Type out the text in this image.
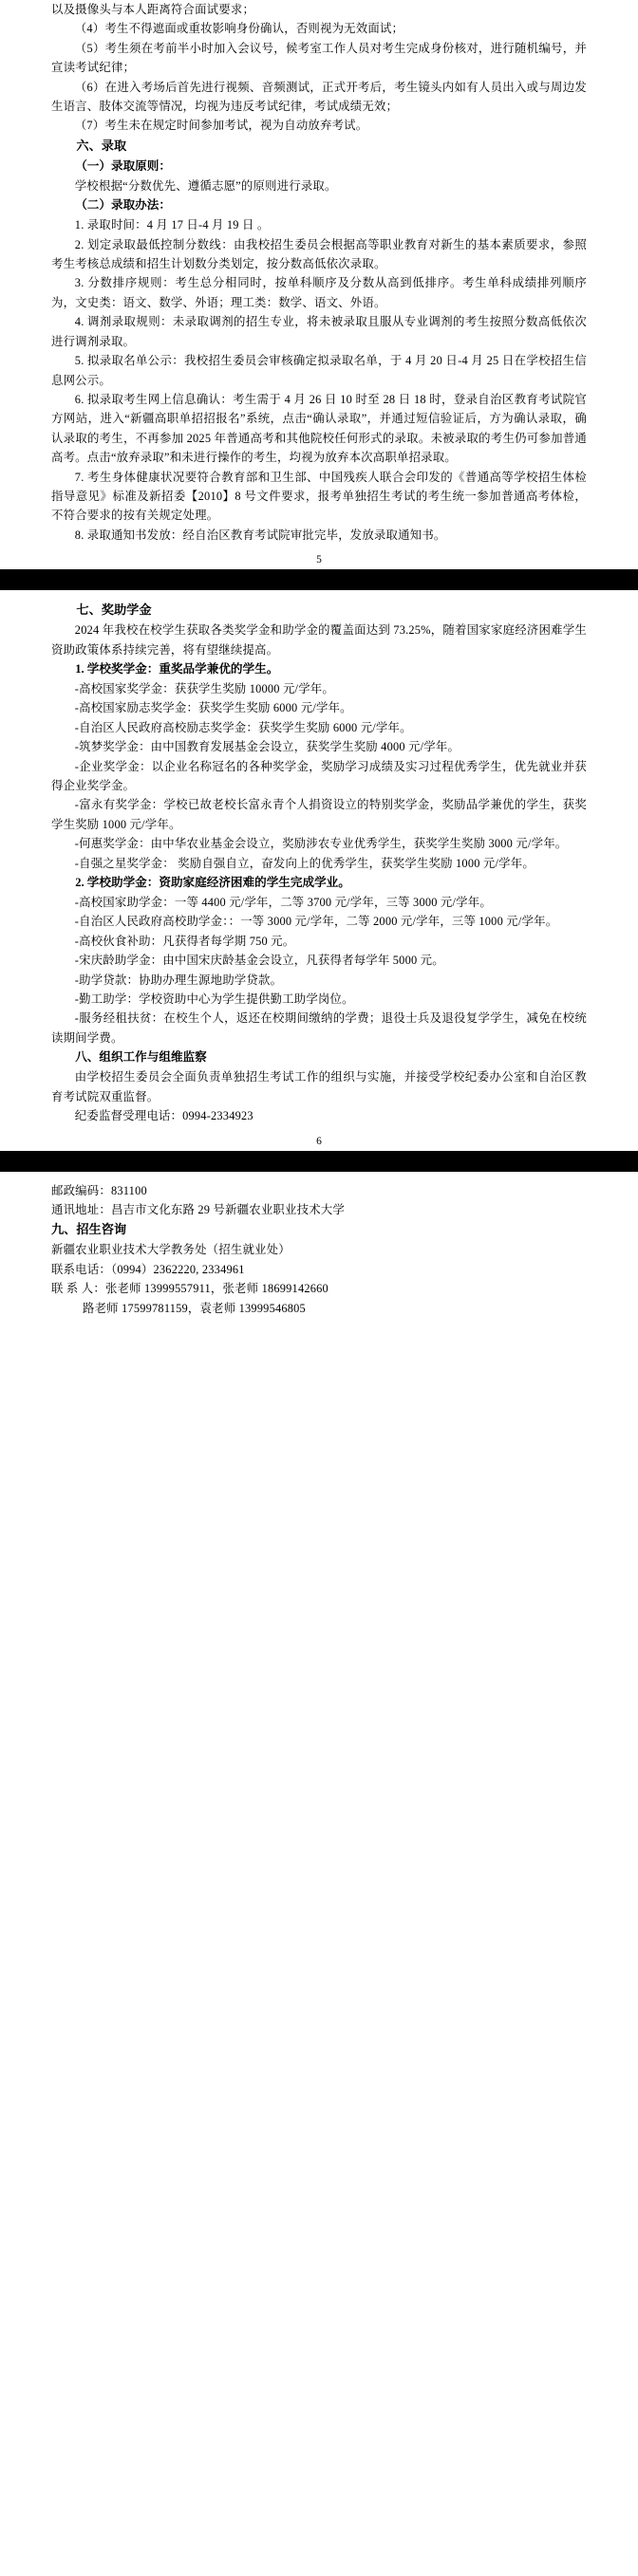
以及摄像头与本人距离符合面试要求；

（4）考生不得遮面或重妆影响身份确认，否则视为无效面试；

（5）考生须在考前半小时加入会议号，候考室工作人员对考生完成身份核对，进行随机编号，并宣读考试纪律；

（6）在进入考场后首先进行视频、音频测试，正式开考后，考生镜头内如有人员出入或与周边发生语言、肢体交流等情况，均视为违反考试纪律，考试成绩无效；

（7）考生未在规定时间参加考试，视为自动放弃考试。

六、录取

（一）录取原则：

学校根据“分数优先、遵循志愿”的原则进行录取。

（二）录取办法：

1. 录取时间：4 月 17 日-4 月 19 日 。

2. 划定录取最低控制分数线：由我校招生委员会根据高等职业教育对新生的基本素质要求，参照考生考核总成绩和招生计划数分类划定，按分数高低依次录取。

3. 分数排序规则：考生总分相同时，按单科顺序及分数从高到低排序。考生单科成绩排列顺序为，文史类：语文、数学、外语；理工类：数学、语文、外语。

4. 调剂录取规则：未录取调剂的招生专业，将未被录取且服从专业调剂的考生按照分数高低依次进行调剂录取。

5. 拟录取名单公示：我校招生委员会审核确定拟录取名单，于 4 月 20 日-4 月 25 日在学校招生信息网公示。

6. 拟录取考生网上信息确认：考生需于 4 月 26 日 10 时至 28 日 18 时，登录自治区教育考试院官方网站，进入“新疆高职单招招报名”系统，点击“确认录取”，并通过短信验证后，方为确认录取，确认录取的考生，不再参加 2025 年普通高考和其他院校任何形式的录取。未被录取的考生仍可参加普通高考。点击“放弃录取”和未进行操作的考生，均视为放弃本次高职单招录取。

7. 考生身体健康状况要符合教育部和卫生部、中国残疾人联合会印发的《普通高等学校招生体检指导意见》标准及新招委【2010】8 号文件要求，报考单独招生考试的考生统一参加普通高考体检，不符合要求的按有关规定处理。

8. 录取通知书发放：经自治区教育考试院审批完毕，发放录取通知书。

5

七、奖助学金

2024 年我校在校学生获取各类奖学金和助学金的覆盖面达到 73.25%，随着国家家庭经济困难学生资助政策体系持续完善，将有望继续提高。

1. 学校奖学金：重奖品学兼优的学生。

-高校国家奖学金：获获学生奖励 10000 元/学年。

-高校国家励志奖学金：获奖学生奖励 6000 元/学年。

-自治区人民政府高校励志奖学金：获奖学生奖励 6000 元/学年。

-筑梦奖学金：由中国教育发展基金会设立，获奖学生奖励 4000 元/学年。

-企业奖学金：以企业名称冠名的各种奖学金，奖励学习成绩及实习过程优秀学生，优先就业并获得企业奖学金。

-富永有奖学金：学校已故老校长富永青个人捐资设立的特别奖学金，奖励品学兼优的学生，获奖学生奖励 1000 元/学年。

-何惠奖学金：由中华农业基金会设立，奖励涉农专业优秀学生，获奖学生奖励 3000 元/学年。

-自强之星奖学金： 奖励自强自立，奋发向上的优秀学生，获奖学生奖励 1000 元/学年。

2. 学校助学金：资助家庭经济困难的学生完成学业。

-高校国家助学金：一等 4400 元/学年，二等 3700 元/学年，三等 3000 元/学年。

-自治区人民政府高校助学金：：一等 3000 元/学年，二等 2000 元/学年，三等 1000 元/学年。

-高校伙食补助：凡获得者每学期 750 元。

-宋庆龄助学金：由中国宋庆龄基金会设立，凡获得者每学年 5000 元。

-助学贷款：协助办理生源地助学贷款。

-勤工助学：学校资助中心为学生提供勤工助学岗位。

-服务经租扶贫：在校生个人，返还在校期间缴纳的学费；退役士兵及退役复学学生，减免在校统读期间学费。

八、组织工作与组维监察

由学校招生委员会全面负责单独招生考试工作的组织与实施，并接受学校纪委办公室和自治区教育考试院双重监督。

纪委监督受理电话：0994-2334923

6

邮政编码：831100

通讯地址：昌吉市文化东路 29 号新疆农业职业技术大学

九、招生咨询

新疆农业职业技术大学教务处（招生就业处）

联系电话：（0994）2362220, 2334961

联 系 人：张老师 13999557911，张老师 18699142660

路老师 17599781159，袁老师 13999546805
